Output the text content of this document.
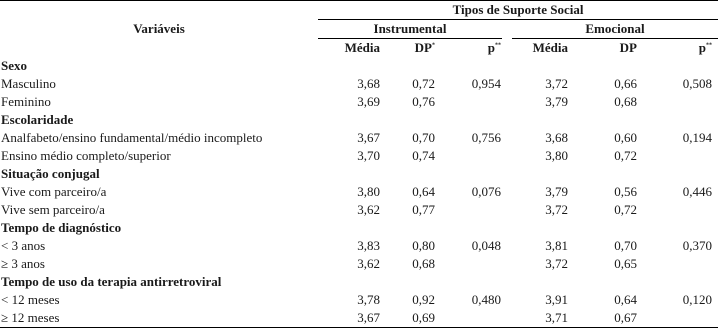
Variáveis	Tipos de Suporte Social					

	Instrumental			Emocional		

	Média	DP*	p**	Média	DP	p**
Sexo						
Masculino	3,68	0,72	0,954	3,72	0,66	0,508
Feminino	3,69	0,76		3,79	0,68	
Escolaridade						
Analfabeto/ensino fundamental/médio incompleto	3,67	0,70	0,756	3,68	0,60	0,194
Ensino médio completo/superior	3,70	0,74		3,80	0,72	
Situação conjugal						
Vive com parceiro/a	3,80	0,64	0,076	3,79	0,56	0,446
Vive sem parceiro/a	3,62	0,77		3,72	0,72	
Tempo de diagnóstico						
< 3 anos	3,83	0,80	0,048	3,81	0,70	0,370
≥ 3 anos	3,62	0,68		3,72	0,65	
Tempo de uso da terapia antirretroviral						
< 12 meses	3,78	0,92	0,480	3,91	0,64	0,120
≥ 12 meses	3,67	0,69		3,71	0,67	
